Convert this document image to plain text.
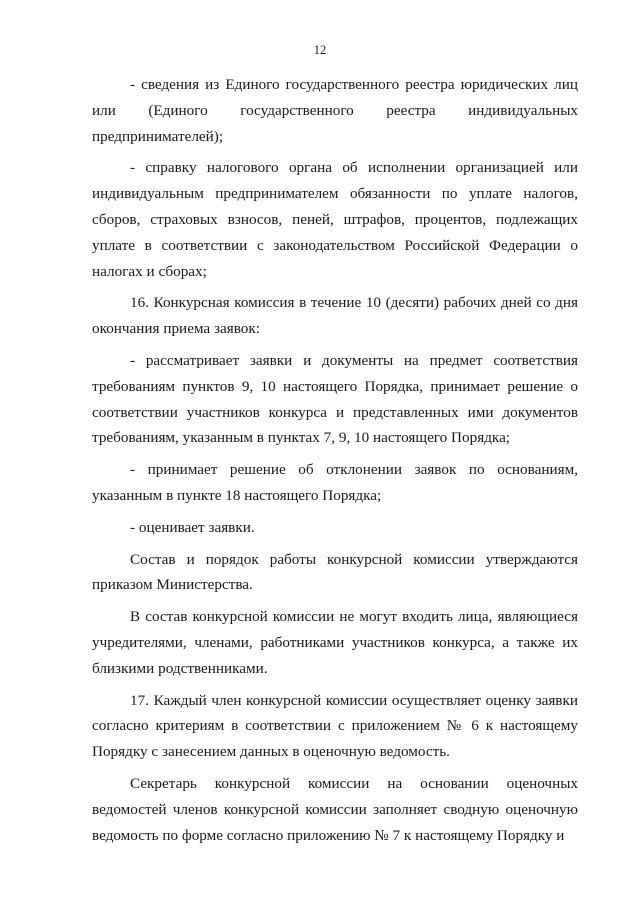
12

- сведения из Единого государственного реестра юридических лиц или (Единого государственного реестра индивидуальных предпринимателей);

- справку налогового органа об исполнении организацией или индивидуальным предпринимателем обязанности по уплате налогов, сборов, страховых взносов, пеней, штрафов, процентов, подлежащих уплате в соответствии с законодательством Российской Федерации о налогах и сборах;

16. Конкурсная комиссия в течение 10 (десяти) рабочих дней со дня окончания приема заявок:

- рассматривает заявки и документы на предмет соответствия требованиям пунктов 9, 10 настоящего Порядка, принимает решение о соответствии участников конкурса и представленных ими документов требованиям, указанным в пунктах 7, 9, 10 настоящего Порядка;

- принимает решение об отклонении заявок по основаниям, указанным в пункте 18 настоящего Порядка;

- оценивает заявки.

Состав и порядок работы конкурсной комиссии утверждаются приказом Министерства.

В состав конкурсной комиссии не могут входить лица, являющиеся учредителями, членами, работниками участников конкурса, а также их близкими родственниками.

17. Каждый член конкурсной комиссии осуществляет оценку заявки согласно критериям в соответствии с приложением № 6 к настоящему Порядку с занесением данных в оценочную ведомость.

Секретарь конкурсной комиссии на основании оценочных ведомостей членов конкурсной комиссии заполняет сводную оценочную ведомость по форме согласно приложению № 7 к настоящему Порядку и
